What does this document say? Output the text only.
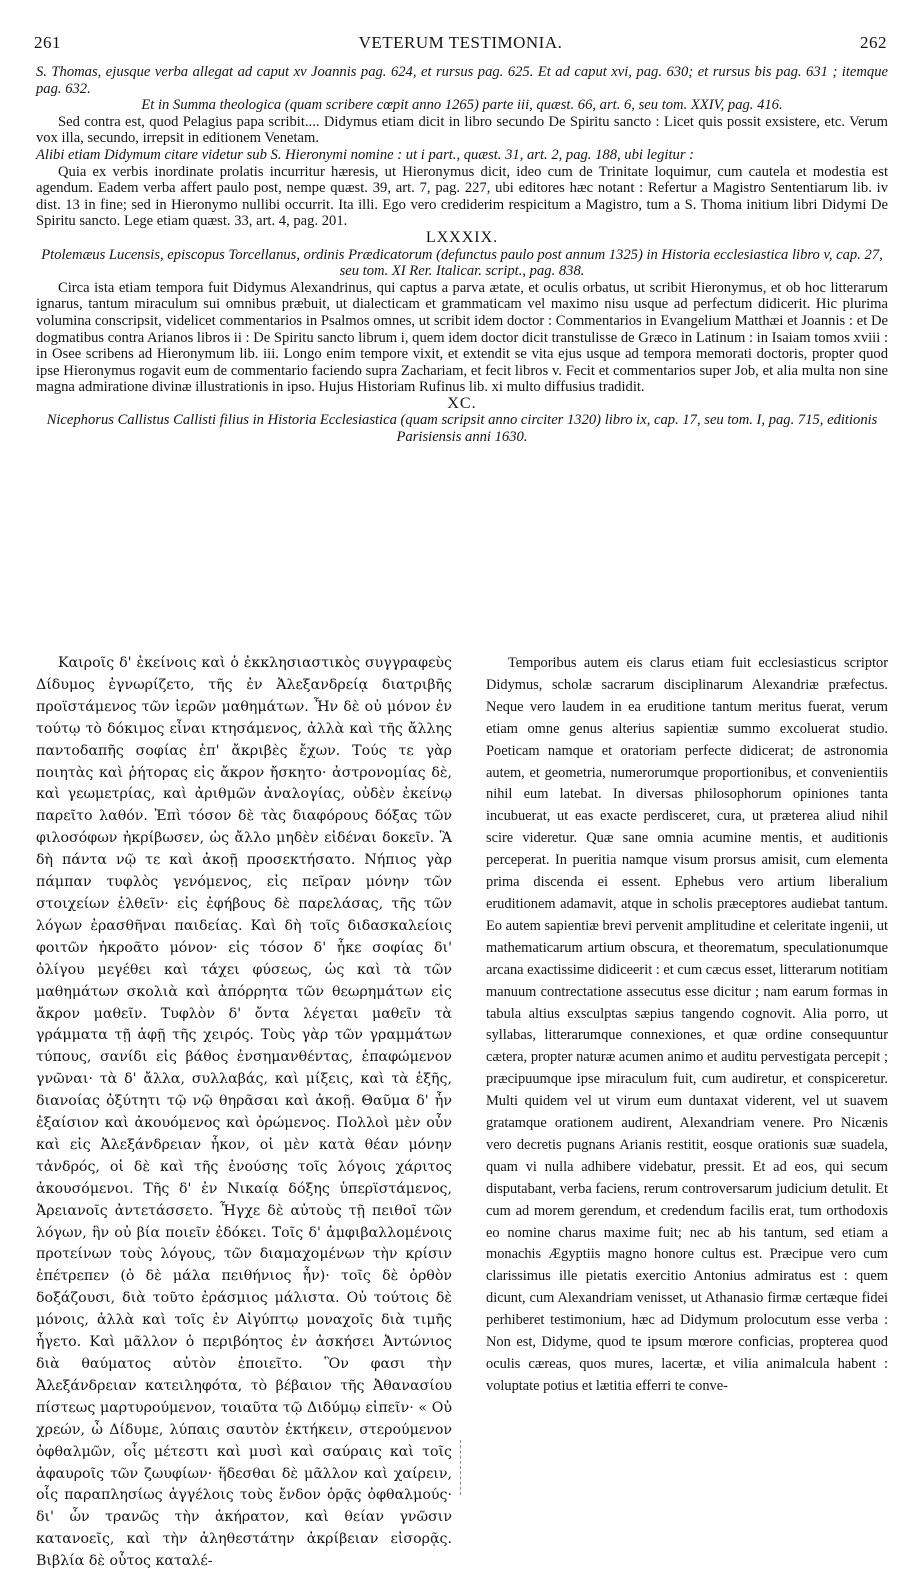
261	VETERUM TESTIMONIA.	262

S. Thomas, ejusque verba allegat ad caput xv Joannis pag. 624, et rursus pag. 625. Et ad caput xvi, pag. 630; et rursus bis pag. 631 ; itemque pag. 632.

Et in Summa theologica (quam scribere cœpit anno 1265) parte iii, quæst. 66, art. 6, seu tom. XXIV, pag. 416.

Sed contra est, quod Pelagius papa scribit.... Didymus etiam dicit in libro secundo De Spiritu sancto : Licet quis possit exsistere, etc. Verum vox illa, secundo, irrepsit in editionem Venetam.

Alibi etiam Didymum citare videtur sub S. Hieronymi nomine : ut i part., quæst. 31, art. 2, pag. 188, ubi legitur :

Quia ex verbis inordinate prolatis incurritur hæresis, ut Hieronymus dicit, ideo cum de Trinitate loquimur, cum cautela et modestia est agendum. Eadem verba affert paulo post, nempe quæst. 39, art. 7, pag. 227, ubi editores hæc notant : Refertur a Magistro Sententiarum lib. iv dist. 13 in fine; sed in Hieronymo nullibi occurrit. Ita illi. Ego vero crediderim respicitum a Magistro, tum a S. Thoma initium libri Didymi De Spiritu sancto. Lege etiam quæst. 33, art. 4, pag. 201.

LXXXIX.

Ptolemæus Lucensis, episcopus Torcellanus, ordinis Prædicatorum (defunctus paulo post annum 1325) in Historia ecclesiastica libro v, cap. 27, seu tom. XI Rer. Italicar. script., pag. 838.

Circa ista etiam tempora fuit Didymus Alexandrinus, qui captus a parva ætate, et oculis orbatus, ut scribit Hieronymus, et ob hoc litterarum ignarus, tantum miraculum sui omnibus præbuit, ut dialecticam et grammaticam vel maximo nisu usque ad perfectum didicerit. Hic plurima volumina conscripsit, videlicet commentarios in Psalmos omnes, ut scribit idem doctor : Commentarios in Evangelium Matthæi et Joannis : et De dogmatibus contra Arianos libros ii : De Spiritu sancto librum i, quem idem doctor dicit transtulisse de Græco in Latinum : in Isaiam tomos xviii : in Osee scribens ad Hieronymum lib. iii. Longo enim tempore vixit, et extendit se vita ejus usque ad tempora memorati doctoris, propter quod ipse Hieronymus rogavit eum de commentario faciendo supra Zachariam, et fecit libros v. Fecit et commentarios super Job, et alia multa non sine magna admiratione divinæ illustrationis in ipso. Hujus Historiam Rufinus lib. xi multo diffusius tradidit.

XC.

Nicephorus Callistus Callisti filius in Historia Ecclesiastica (quam scripsit anno circiter 1320) libro ix, cap. 17, seu tom. I, pag. 715, editionis Parisiensis anni 1630.

Καιροῖς δ' ἐκείνοις καὶ ὁ ἐκκλησιαστικὸς συγγραφεὺς Δίδυμος ἐγνωρίζετο, τῆς ἐν Ἀλεξανδρείᾳ διατριβῆς προϊστάμενος τῶν ἱερῶν μαθημάτων. Ἦν δὲ οὐ μόνον ἐν τούτῳ τὸ δόκιμος εἶναι κτησάμενος, ἀλλὰ καὶ τῆς ἄλλης παντοδαπῆς σοφίας ἐπ' ἄκριβὲς ἔχων. Τούς τε γὰρ ποιητὰς καὶ ῥήτορας εἰς ἄκρον ἤσκητο· ἀστρονομίας δὲ, καὶ γεωμετρίας, καὶ ἀριθμῶν ἀναλογίας, οὐδὲν ἐκείνῳ παρεῖτο λαθόν. Ἐπὶ τόσον δὲ τὰς διαφόρους δόξας τῶν φιλοσόφων ἠκρίβωσεν, ὡς ἄλλο μηδὲν εἰδέναι δοκεῖν. Ἃ δὴ πάντα νῷ τε καὶ ἀκοῇ προσεκτήσατο. Νήπιος γὰρ πάμπαν τυφλὸς γενόμενος, εἰς πεῖραν μόνην τῶν στοιχείων ἐλθεῖν· εἰς ἐφήβους δὲ παρελάσας, τῆς τῶν λόγων ἐρασθῆναι παιδείας. Καὶ δὴ τοῖς διδασκαλείοις φοιτῶν ἠκροᾶτο μόνον· εἰς τόσον δ' ἧκε σοφίας δι' ὀλίγου μεγέθει καὶ τάχει φύσεως, ὡς καὶ τὰ τῶν μαθημάτων σκολιὰ καὶ ἀπόρρητα τῶν θεωρημάτων εἰς ἄκρον μαθεῖν. Τυφλὸν δ' ὄντα λέγεται μαθεῖν τὰ γράμματα τῇ ἁφῇ τῆς χειρός. Τοὺς γὰρ τῶν γραμμάτων τύπους, σανίδι εἰς βάθος ἐνσημανθέντας, ἐπαφώμενον γνῶναι· τὰ δ' ἄλλα, συλλαβάς, καὶ μίξεις, καὶ τὰ ἑξῆς, διανοίας ὀξύτητι τῷ νῷ θηρᾶσαι καὶ ἀκοῇ. Θαῦμα δ' ἦν ἐξαίσιον καὶ ἀκουόμενος καὶ ὁρώμενος. Πολλοὶ μὲν οὖν καὶ εἰς Ἀλεξάνδρειαν ἧκον, οἱ μὲν κατὰ θέαν μόνην τἀνδρός, οἱ δὲ καὶ τῆς ἐνούσης τοῖς λόγοις χάριτος ἀκουσόμενοι. Τῆς δ' ἐν Νικαίᾳ δόξης ὑπερϊστάμενος, Ἀρειανοῖς ἀντετάσσετο. Ἦγχε δὲ αὐτοὺς τῇ πειθοῖ τῶν λόγων, ἣν οὐ βία ποιεῖν ἐδόκει. Τοῖς δ' ἀμφιβαλλομένοις προτείνων τοὺς λόγους, τῶν διαμαχομένων τὴν κρίσιν ἐπέτρεπεν (ὁ δὲ μάλα πειθήνιος ἦν)· τοῖς δὲ ὀρθὸν δοξάζουσι, διὰ τοῦτο ἐράσμιος μάλιστα. Οὐ τούτοις δὲ μόνοις, ἀλλὰ καὶ τοῖς ἐν Αἰγύπτῳ μοναχοῖς διὰ τιμῆς ἦγετο. Καὶ μᾶλλον ὁ περιβόητος ἐν ἀσκήσει Ἀντώνιος διὰ θαύματος αὐτὸν ἐποιεῖτο. Ὃν φασι τὴν Ἀλεξάνδρειαν κατειληφότα, τὸ βέβαιον τῆς Ἀθανασίου πίστεως μαρτυρούμενον, τοιαῦτα τῷ Διδύμῳ εἰπεῖν· « Οὐ χρεών, ὦ Δίδυμε, λύπαις σαυτὸν ἐκτήκειν, στερούμενον ὀφθαλμῶν, οἷς μέτεστι καὶ μυσὶ καὶ σαύραις καὶ τοῖς ἀφαυροῖς τῶν ζωυφίων· ἥδεσθαι δὲ μᾶλλον καὶ χαίρειν, οἷς παραπλησίως ἀγγέλοις τοὺς ἔνδον ὁρᾷς ὀφθαλμούς· δι' ὧν τρανῶς τὴν ἀκήρατον, καὶ θείαν γνῶσιν κατανοεῖς, καὶ τὴν ἀληθεστάτην ἀκρίβειαν εἰσορᾷς. Βιβλία δὲ οὗτος καταλέ-

Temporibus autem eis clarus etiam fuit ecclesiasticus scriptor Didymus, scholæ sacrarum disciplinarum Alexandriæ præfectus. Neque vero laudem in ea eruditione tantum meritus fuerat, verum etiam omne genus alterius sapientiæ summo excoluerat studio. Poeticam namque et oratoriam perfecte didicerat; de astronomia autem, et geometria, numerorumque proportionibus, et convenientiis nihil eum latebat. In diversas philosophorum opiniones tanta incubuerat, ut eas exacte perdisceret, cura, ut præterea aliud nihil scire videretur. Quæ sane omnia acumine mentis, et auditionis perceperat. In pueritia namque visum prorsus amisit, cum elementa prima discenda ei essent. Ephebus vero artium liberalium eruditionem adamavit, atque in scholis præceptores audiebat tantum. Eo autem sapientiæ brevi pervenit amplitudine et celeritate ingenii, ut mathematicarum artium obscura, et theorematum, speculationumque arcana exactissime didiceerit : et cum cæcus esset, litterarum notitiam manuum contrectatione assecutus esse dicitur ; nam earum formas in tabula altius exsculptas sæpius tangendo cognovit. Alia porro, ut syllabas, litterarumque connexiones, et quæ ordine consequuntur cætera, propter naturæ acumen animo et auditu pervestigata percepit ; præcipuumque ipse miraculum fuit, cum audiretur, et conspiceretur. Multi quidem vel ut virum eum duntaxat viderent, vel ut suavem gratamque orationem audirent, Alexandriam venere. Pro Nicænis vero decretis pugnans Arianis restitit, eosque orationis suæ suadela, quam vi nulla adhibere videbatur, pressit. Et ad eos, qui secum disputabant, verba faciens, rerum controversarum judicium detulit. Et cum ad morem gerendum, et credendum facilis erat, tum orthodoxis eo nomine charus maxime fuit; nec ab his tantum, sed etiam a monachis Ægyptiis magno honore cultus est. Præcipue vero cum clarissimus ille pietatis exercitio Antonius admiratus est : quem dicunt, cum Alexandriam venisset, ut Athanasio firmæ certæque fidei perhiberet testimonium, hæc ad Didymum prolocutum esse verba : Non est, Didyme, quod te ipsum mœrore conficias, propterea quod oculis cæreas, quos mures, lacertæ, et vilia animalcula habent : voluptate potius et lætitia efferri te conve-
